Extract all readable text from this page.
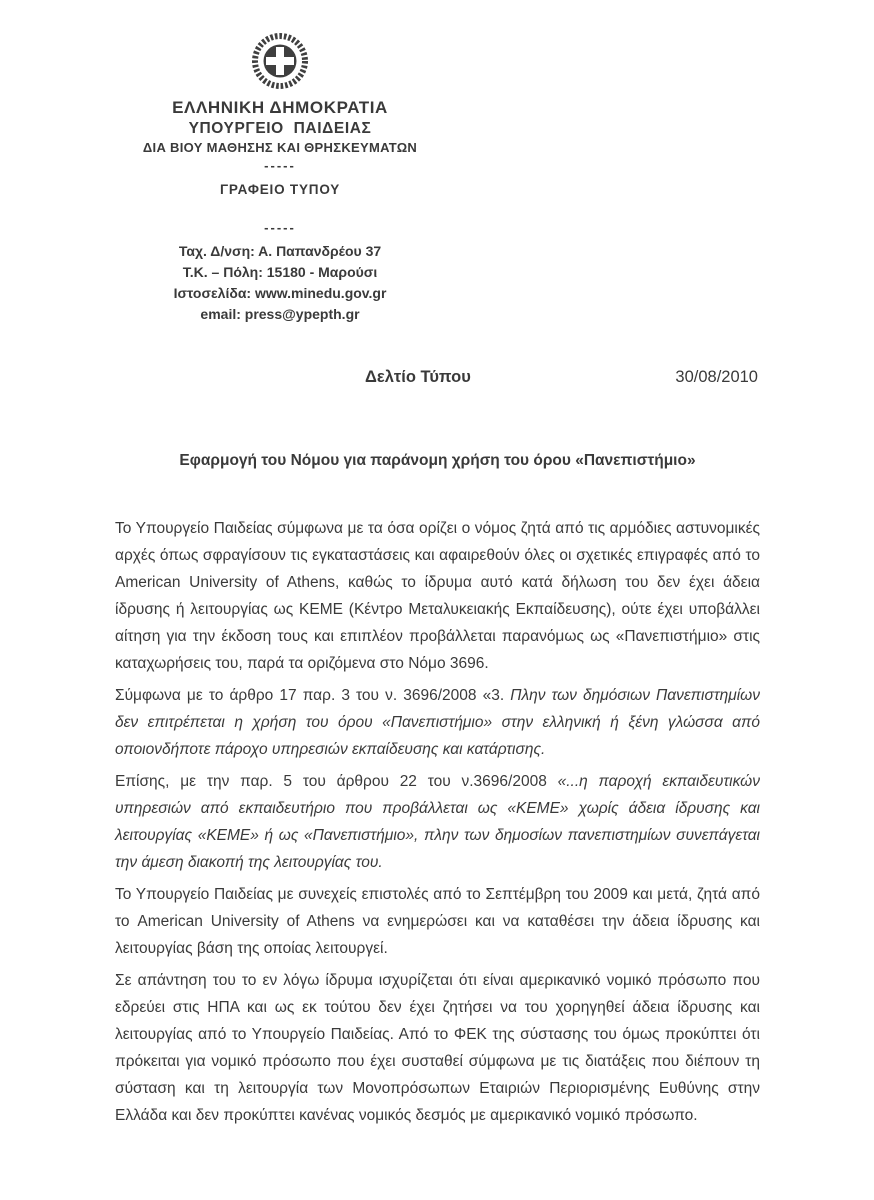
ΕΛΛΗΝΙΚΗ ΔΗΜΟΚΡΑΤΙΑ
ΥΠΟΥΡΓΕΙΟ  ΠΑΙΔΕΙΑΣ
ΔΙΑ ΒΙΟΥ ΜΑΘΗΣΗΣ ΚΑΙ ΘΡΗΣΚΕΥΜΑΤΩΝ
-----
ΓΡΑΦΕΙΟ ΤΥΠΟΥ
-----
Ταχ. Δ/νση: Α. Παπανδρέου 37
Τ.Κ. – Πόλη: 15180 - Μαρούσι
Ιστοσελίδα: www.minedu.gov.gr
email: press@ypepth.gr
Δελτίο Τύπου	30/08/2010
Εφαρμογή του Νόμου για παράνομη χρήση του όρου «Πανεπιστήμιο»

Το Υπουργείο Παιδείας σύμφωνα με τα όσα ορίζει ο νόμος ζητά από τις αρμόδιες αστυνομικές αρχές όπως σφραγίσουν τις εγκαταστάσεις και αφαιρεθούν όλες οι σχετικές επιγραφές από το American University of Athens, καθώς το ίδρυμα αυτό κατά δήλωση του δεν έχει άδεια ίδρυσης ή λειτουργίας ως ΚΕΜΕ (Κέντρο Μεταλυκειακής Εκπαίδευσης), ούτε έχει υποβάλλει αίτηση για την έκδοση τους και επιπλέον προβάλλεται παρανόμως ως «Πανεπιστήμιο» στις καταχωρήσεις του, παρά τα οριζόμενα στο Νόμο 3696.

Σύμφωνα με το άρθρο 17 παρ. 3 του ν. 3696/2008 «3. Πλην των δημόσιων Πανεπιστημίων δεν επιτρέπεται η χρήση του όρου «Πανεπιστήμιο» στην ελληνική ή ξένη γλώσσα από οποιονδήποτε πάροχο υπηρεσιών εκπαίδευσης και κατάρτισης.

Επίσης, με την παρ. 5 του άρθρου 22 του ν.3696/2008 «...η παροχή εκπαιδευτικών υπηρεσιών από εκπαιδευτήριο που προβάλλεται ως «ΚΕΜΕ» χωρίς άδεια ίδρυσης και λειτουργίας «ΚΕΜΕ» ή ως «Πανεπιστήμιο», πλην των δημοσίων πανεπιστημίων συνεπάγεται την άμεση διακοπή της λειτουργίας του.

Το Υπουργείο Παιδείας με συνεχείς επιστολές από το Σεπτέμβρη του 2009 και μετά, ζητά από το American University of Athens να ενημερώσει και να καταθέσει την άδεια ίδρυσης και λειτουργίας βάση της οποίας λειτουργεί.

Σε απάντηση του το εν λόγω ίδρυμα ισχυρίζεται ότι είναι αμερικανικό νομικό πρόσωπο που εδρεύει στις ΗΠΑ και ως εκ τούτου δεν έχει ζητήσει να του χορηγηθεί άδεια ίδρυσης και λειτουργίας από το Υπουργείο Παιδείας. Από το ΦΕΚ της σύστασης του όμως προκύπτει ότι πρόκειται για νομικό πρόσωπο που έχει συσταθεί σύμφωνα με τις διατάξεις που διέπουν τη σύσταση και τη λειτουργία των Μονοπρόσωπων Εταιριών Περιορισμένης Ευθύνης στην Ελλάδα και δεν προκύπτει κανένας νομικός δεσμός με αμερικανικό νομικό πρόσωπο.
